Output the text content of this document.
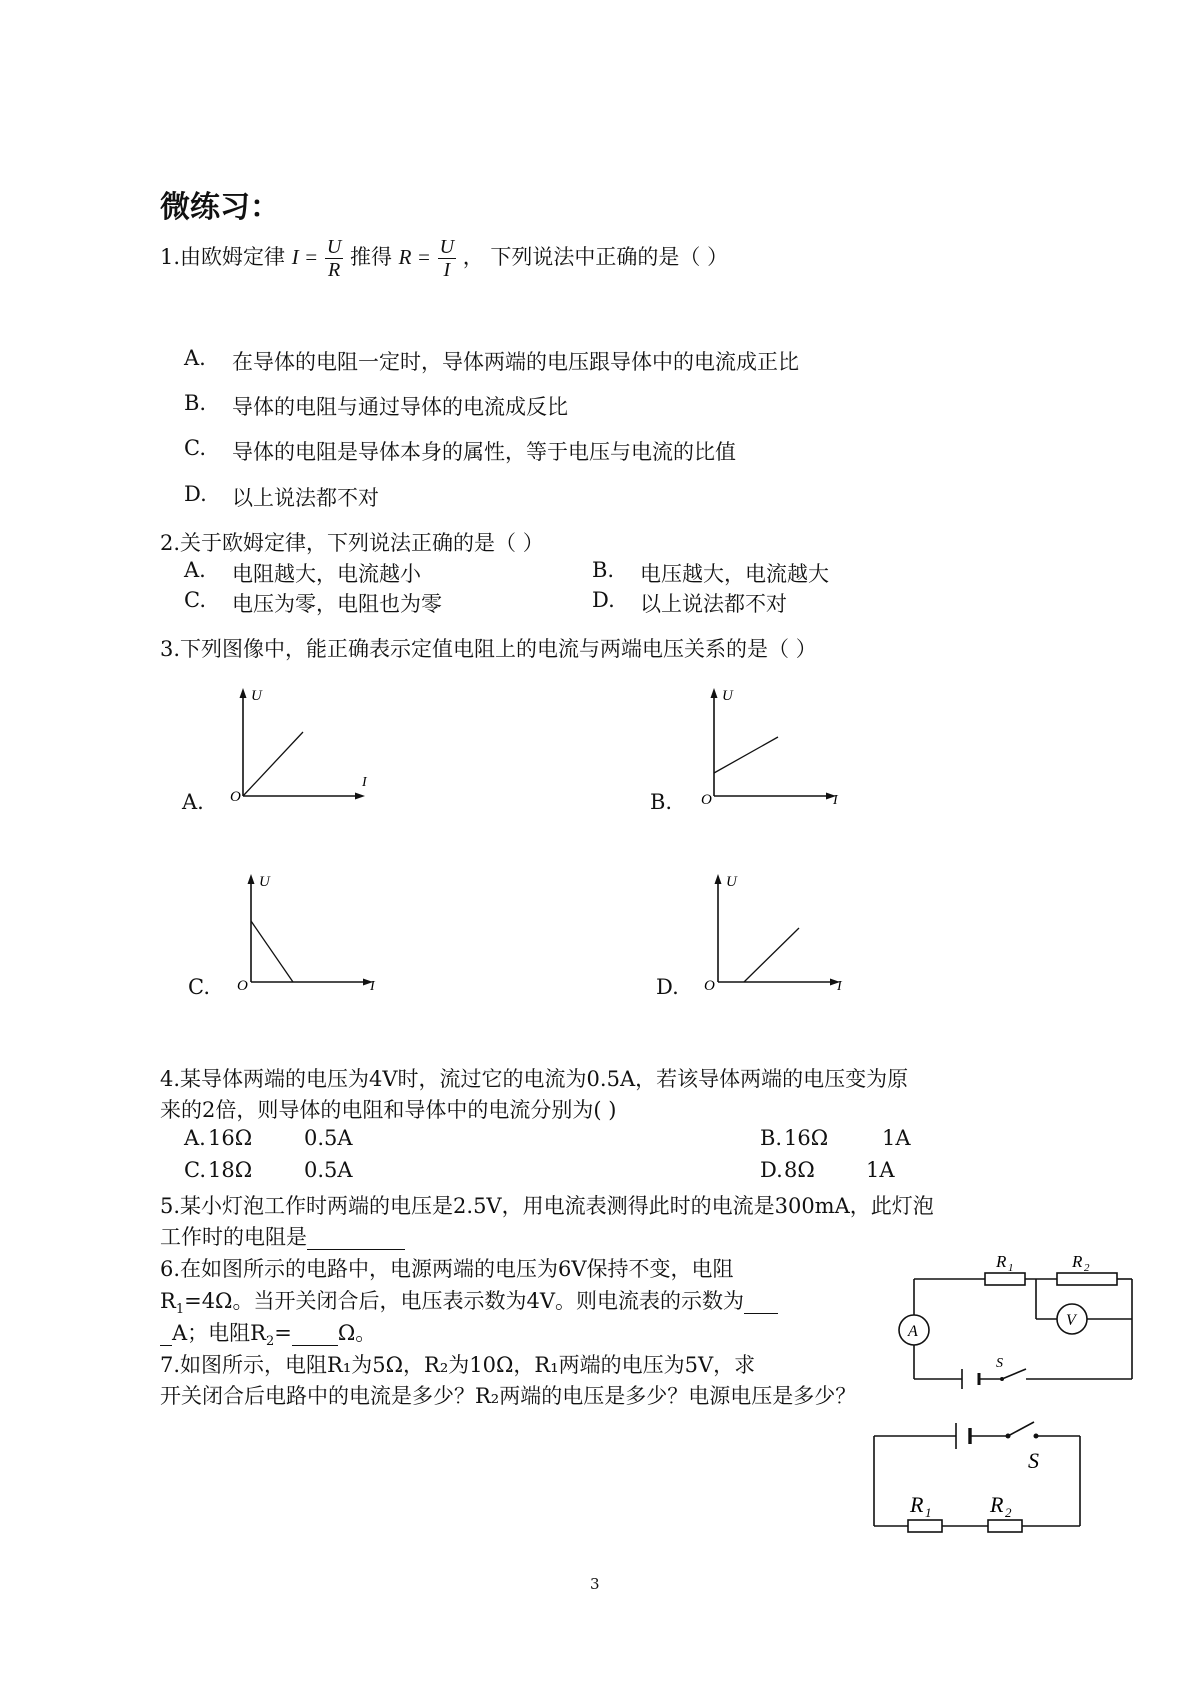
微练习：
1.由欧姆定律 $I = \frac{U}{R}$ 推得 $R = \frac{U}{I}$ ， 下列说法中正确的是（ ）
A. 在导体的电阻一定时，导体两端的电压跟导体中的电流成正比
B. 导体的电阻与通过导体的电流成反比
C. 导体的电阻是导体本身的属性，等于电压与电流的比值
D. 以上说法都不对
2.关于欧姆定律，下列说法正确的是（ ）
A. 电阻越大，电流越小	B. 电压越大，电流越大
C. 电压为零，电阻也为零	D. 以上说法都不对
3.下列图像中，能正确表示定值电阻上的电流与两端电压关系的是（ ）
A.
U
I
O	B.
U
I
O
C.
U
I
O	D.
U
I
O
4.某导体两端的电压为4V时，流过它的电流为0.5A，若该导体两端的电压变为原
来的2倍，则导体的电阻和导体中的电流分别为( )
A. 16Ω 0.5A	B. 16Ω	1A
C. 18Ω 0.5A	D. 8Ω 1A
5.某小灯泡工作时两端的电压是2.5V，用电流表测得此时的电流是300mA，此灯泡
工作时的电阻是
6.在如图所示的电路中，电源两端的电压为6V保持不变，电阻
$R_1=4\Omega$。当开关闭合后，电压表示数为4V。则电流表的示数为
A；电阻$R_2= \Omega$。
R 1	R 2
A
V
S
7.如图所示，电阻R₁为5Ω，R₂为10Ω，R₁两端的电压为5V，求
开关闭合后电路中的电流是多少？R₂两端的电压是多少？电源电压是多少？
S
R 1	R 2
3
